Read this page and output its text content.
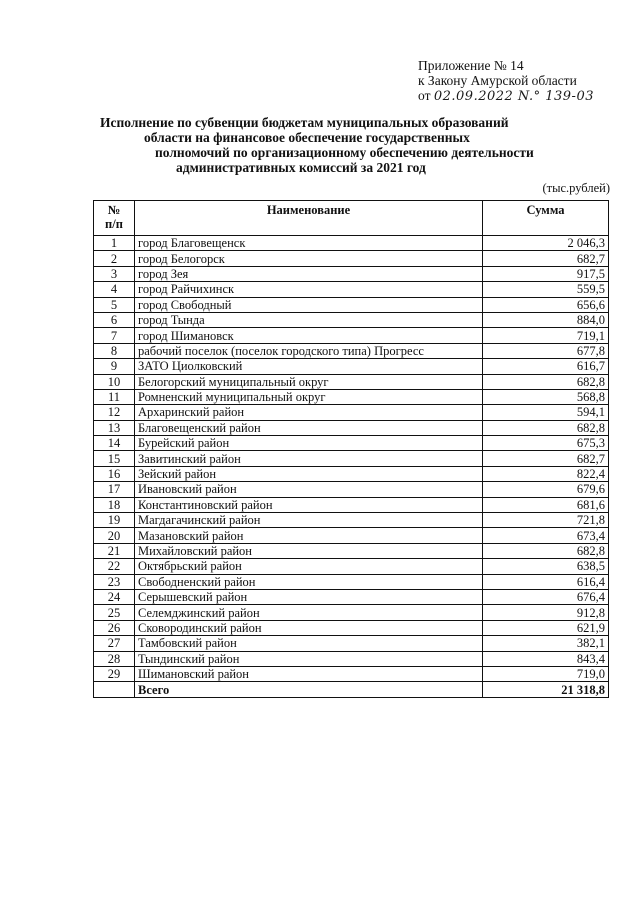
Приложение № 14
к Закону Амурской области
от 02.09.2022 N.° 139-03
Исполнение по субвенции бюджетам муниципальных образований
области на финансовое обеспечение государственных
полномочий по организационному обеспечению деятельности
административных комиссий за 2021 год
(тыс.рублей)
№
п/п	Наименование	Сумма
1	город Благовещенск	2 046,3
2	город Белогорск	682,7
3	город Зея	917,5
4	город Райчихинск	559,5
5	город Свободный	656,6
6	город Тында	884,0
7	город Шимановск	719,1
8	рабочий поселок (поселок городского типа) Прогресс	677,8
9	ЗАТО Циолковский	616,7
10	Белогорский муниципальный округ	682,8
11	Ромненский муниципальный округ	568,8
12	Архаринский район	594,1
13	Благовещенский район	682,8
14	Бурейский район	675,3
15	Завитинский район	682,7
16	Зейский район	822,4
17	Ивановский район	679,6
18	Константиновский район	681,6
19	Магдагачинский район	721,8
20	Мазановский район	673,4
21	Михайловский район	682,8
22	Октябрьский район	638,5
23	Свободненский район	616,4
24	Серышевский район	676,4
25	Селемджинский район	912,8
26	Сковородинский район	621,9
27	Тамбовский район	382,1
28	Тындинский район	843,4
29	Шимановский район	719,0
	Всего	21 318,8
